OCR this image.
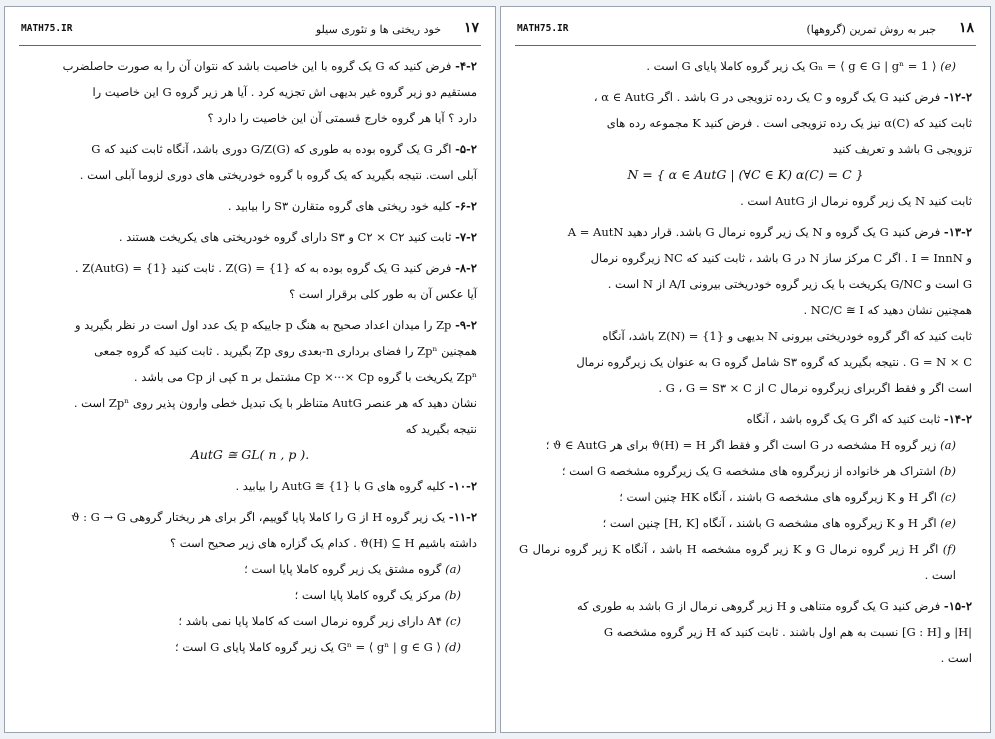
۱۷
خود ریختی ها و تئوری سیلو
MATH75.IR
۴-۲- فرض کنید که G یک گروه با این خاصیت باشد که نتوان آن را به صورت حاصلضرب

مستقیم دو زیر گروه غیر بدیهی اش تجزیه کرد . آیا هر زیر گروه G این خاصیت را
دارد ؟ آیا هر گروه خارج قسمتی آن این خاصیت را دارد ؟
۵-۲- اگر G یک گروه بوده به طوری که G/Z(G) دوری باشد، آنگاه ثابت کنید که G

آبلی است. نتیجه بگیرید که یک گروه با گروه خودریختی های دوری لزوما آبلی است .
۶-۲- کلیه خود ریختی های گروه متقارن S۳ را بیابید .
۷-۲- ثابت کنید C۲ × C۲ و S۳ دارای گروه خودریختی های یکریخت هستند .
۸-۲- فرض کنید G یک گروه بوده به که Z(G) = {1} . ثابت کنید Z(AutG) = {1} .

آیا عکس آن به طور کلی برقرار است ؟
۹-۲- Zp را میدان اعداد صحیح به هنگ p جاییکه p یک عدد اول است در نظر بگیرید و

همچنین Zpⁿ را فضای برداری n-بعدی روی Zp بگیرید . ثابت کنید که گروه جمعی
Zpⁿ یکریخت با گروه Cp ×···× Cp مشتمل بر n کپی از Cp می باشد .
نشان دهید که هر عنصر AutG متناظر با یک تبدیل خطی وارون پذیر روی Zpⁿ است .
نتیجه بگیرید که
AutG ≅ GL( n , p ).
۱۰-۲- کلیه گروه های G با AutG ≅ {1} را بیابید .
۱۱-۲- یک زیر گروه H از G را کاملا پایا گوییم، اگر برای هر ریختار گروهی ϑ : G → G

داشته باشیم ϑ(H) ⊆ H . کدام یک گزاره های زیر صحیح است ؟
(a) گروه مشتق یک زیر گروه کاملا پایا است ؛
(b) مرکز یک گروه کاملا پایا است ؛
(c) A۴ دارای زیر گروه نرمال است که کاملا پایا نمی باشد ؛
(d) Gⁿ = ⟨ gⁿ | g ∈ G ⟩ یک زیر گروه کاملا پایای G است ؛
۱۸
جبر به روش تمرین (گروهها)
MATH75.IR
(e) Gₙ = ⟨ g ∈ G | gⁿ = 1 ⟩ یک زیر گروه کاملا پایای G است .
۱۲-۲- فرض کنید G یک گروه و C یک رده تزویجی در G باشد . اگر α ∈ AutG ،

ثابت کنید که α(C) نیز یک رده تزویجی است . فرض کنید K مجموعه رده های
تزویجی G باشد و تعریف کنید
N = { α ∈ AutG | (∀C ∈ K) α(C) = C }
ثابت کنید N یک زیر گروه نرمال از AutG است .
۱۳-۲- فرض کنید G یک گروه و N یک زیر گروه نرمال G باشد. قرار دهید A = AutN

و I = InnN . اگر C مرکز ساز N در G باشد ، ثابت کنید که NC زیرگروه نرمال
G است و G/NC یکریخت با یک زیر گروه خودریختی بیرونی A/I از N است .
همچنین نشان دهید که NC/C ≅ I .
ثابت کنید که اگر گروه خودریختی بیرونی N بدیهی و Z(N) = {1} باشد، آنگاه
G = N × C . نتیجه بگیرید که گروه S۳ شامل گروه G به عنوان یک زیرگروه نرمال
است اگر و فقط اگربرای زیرگروه نرمال C از G ، G = S۳ × C .
۱۴-۲- ثابت کنید که اگر G یک گروه باشد ، آنگاه
(a) زیر گروه H مشخصه در G است اگر و فقط اگر ϑ(H) = H برای هر ϑ ∈ AutG ؛
(b) اشتراک هر خانواده از زیرگروه های مشخصه G یک زیرگروه مشخصه G است ؛
(c) اگر H و K زیرگروه های مشخصه G باشند ، آنگاه HK چنین است ؛
(e) اگر H و K زیرگروه های مشخصه G باشند ، آنگاه [H, K] چنین است ؛
(f) اگر H زیر گروه نرمال G و K زیر گروه مشخصه H باشد ، آنگاه K زیر گروه نرمال G است .
۱۵-۲- فرض کنید G یک گروه متناهی و H زیر گروهی نرمال از G باشد به طوری که

|H| و [G : H] نسبت به هم اول باشند . ثابت کنید که H زیر گروه مشخصه G
است .
